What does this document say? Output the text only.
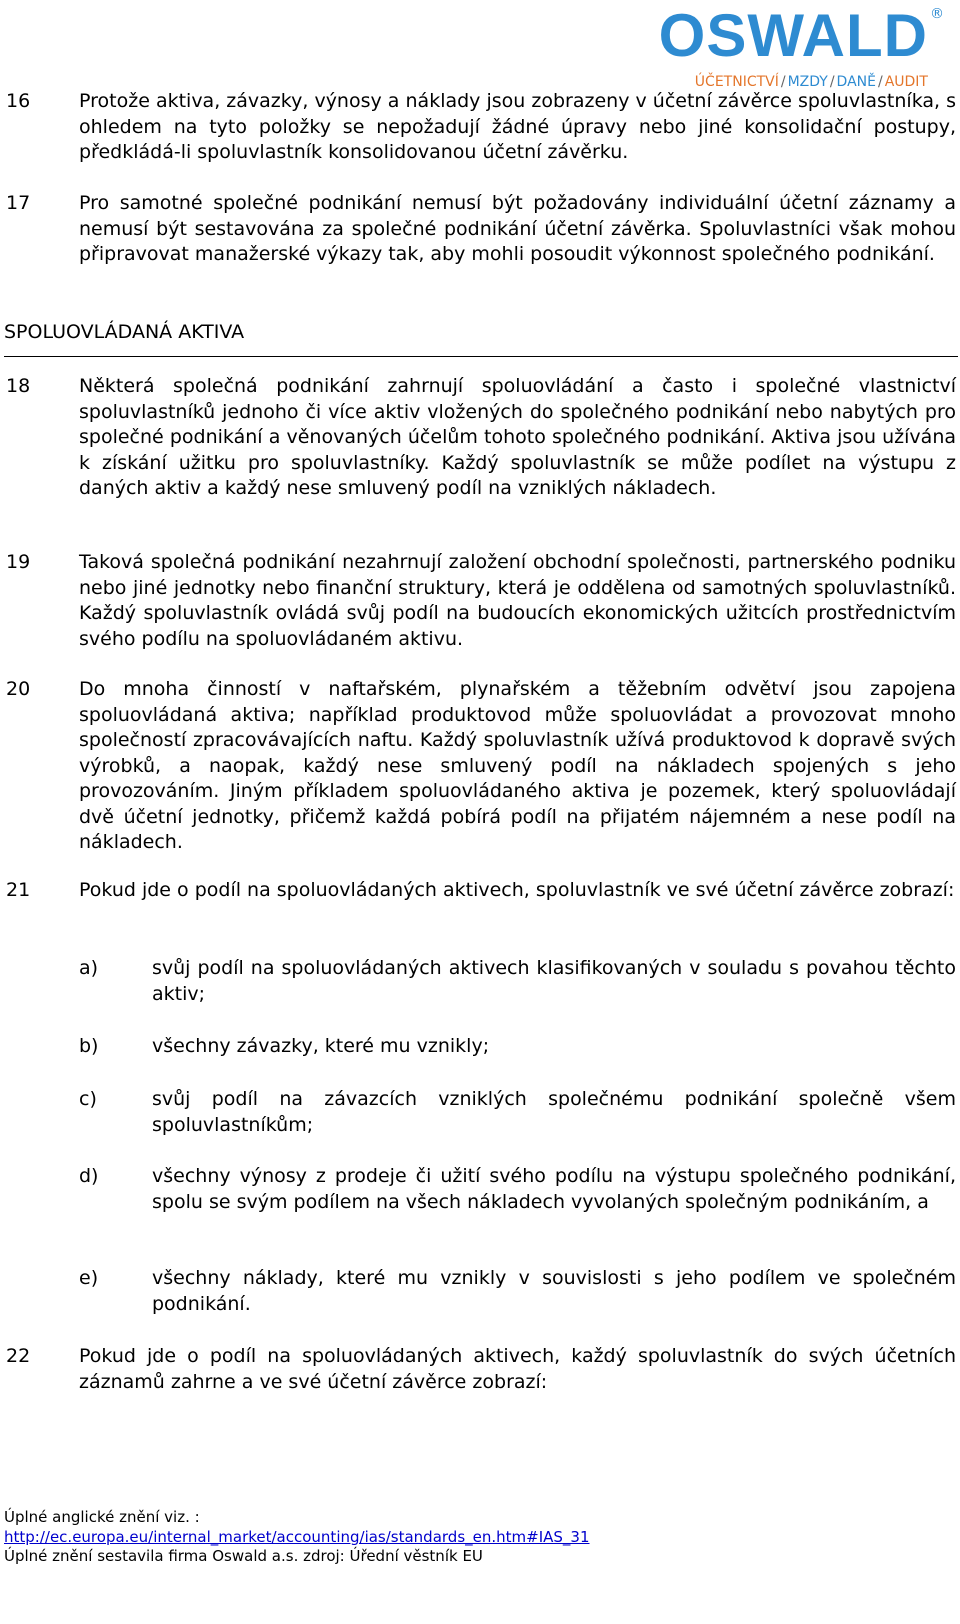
®
OSWALD
ÚČETNICTVÍ / MZDY / DANĚ / AUDIT
16	Protože aktiva, závazky, výnosy a náklady jsou zobrazeny v účetní závěrce spoluvlastníka, s ohledem na tyto položky se nepožadují žádné úpravy nebo jiné konsolidační postupy, předkládá-li spoluvlastník konsolidovanou účetní závěrku.
17	Pro samotné společné podnikání nemusí být požadovány individuální účetní záznamy a nemusí být sestavována za společné podnikání účetní závěrka. Spoluvlastníci však mohou připravovat manažerské výkazy tak, aby mohli posoudit výkonnost společného podnikání.
SPOLUOVLÁDANÁ AKTIVA
18	Některá společná podnikání zahrnují spoluovládání a často i společné vlastnictví spoluvlastníků jednoho či více aktiv vložených do společného podnikání nebo nabytých pro společné podnikání a věnovaných účelům tohoto společného podnikání. Aktiva jsou užívána k získání užitku pro spoluvlastníky. Každý spoluvlastník se může podílet na výstupu z daných aktiv a každý nese smluvený podíl na vzniklých nákladech.
19	Taková společná podnikání nezahrnují založení obchodní společnosti, partnerského podniku nebo jiné jednotky nebo finanční struktury, která je oddělena od samotných spoluvlastníků. Každý spoluvlastník ovládá svůj podíl na budoucích ekonomických užitcích prostřednictvím svého podílu na spoluovládaném aktivu.
20	Do mnoha činností v naftařském, plynařském a těžebním odvětví jsou zapojena spoluovládaná aktiva; například produktovod může spoluovládat a provozovat mnoho společností zpracovávajících naftu. Každý spoluvlastník užívá produktovod k dopravě svých výrobků, a naopak, každý nese smluvený podíl na nákladech spojených s jeho provozováním. Jiným příkladem spoluovládaného aktiva je pozemek, který spoluovládají dvě účetní jednotky, přičemž každá pobírá podíl na přijatém nájemném a nese podíl na nákladech.
21	Pokud jde o podíl na spoluovládaných aktivech, spoluvlastník ve své účetní závěrce zobrazí:
a)	svůj podíl na spoluovládaných aktivech klasifikovaných v souladu s povahou těchto aktiv;
b)	všechny závazky, které mu vznikly;
c)	svůj podíl na závazcích vzniklých společnému podnikání společně všem spoluvlastníkům;
d)	všechny výnosy z prodeje či užití svého podílu na výstupu společného podnikání, spolu se svým podílem na všech nákladech vyvolaných společným podnikáním, a
e)	všechny náklady, které mu vznikly v souvislosti s jeho podílem ve společném podnikání.
22	Pokud jde o podíl na spoluovládaných aktivech, každý spoluvlastník do svých účetních záznamů zahrne a ve své účetní závěrce zobrazí:
Úplné anglické znění viz. :
http://ec.europa.eu/internal_market/accounting/ias/standards_en.htm#IAS_31
Úplné znění sestavila firma Oswald a.s. zdroj: Úřední věstník EU
